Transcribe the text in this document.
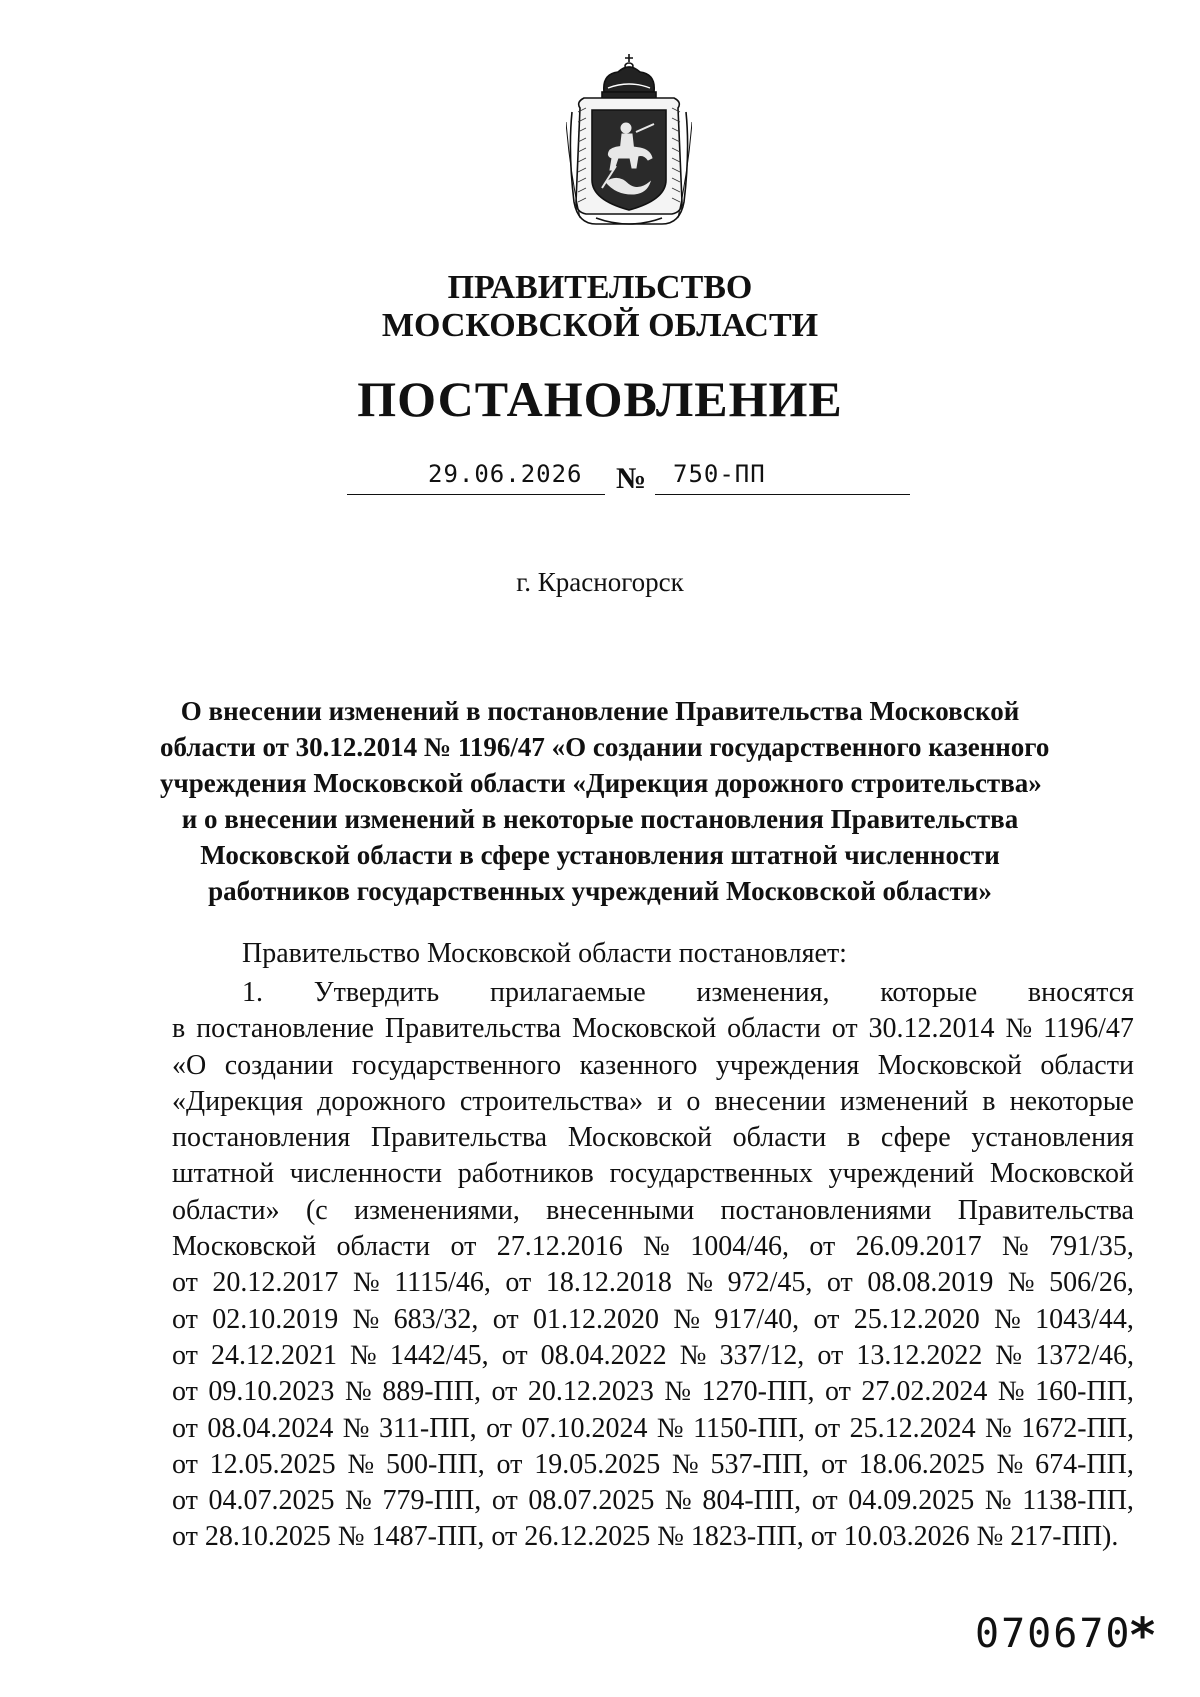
ПРАВИТЕЛЬСТВО
МОСКОВСКОЙ ОБЛАСТИ
ПОСТАНОВЛЕНИЕ
29.06.2026 № 750-ПП
г. Красногорск
О внесении изменений в постановление Правительства Московской
области от 30.12.2014 № 1196/47 «О создании государственного казенного
учреждения Московской области «Дирекция дорожного строительства»
и о внесении изменений в некоторые постановления Правительства
Московской области в сфере установления штатной численности
работников государственных учреждений Московской области»
Правительство Московской области постановляет:
1. Утвердить прилагаемые изменения, которые вносятся
в постановление Правительства Московской области от 30.12.2014 № 1196/47
«О создании государственного казенного учреждения Московской области
«Дирекция дорожного строительства» и о внесении изменений в некоторые
постановления Правительства Московской области в сфере установления
штатной численности работников государственных учреждений Московской
области» (с изменениями, внесенными постановлениями Правительства
Московской области от 27.12.2016 № 1004/46, от 26.09.2017 № 791/35,
от 20.12.2017 № 1115/46, от 18.12.2018 № 972/45, от 08.08.2019 № 506/26,
от 02.10.2019 № 683/32, от 01.12.2020 № 917/40, от 25.12.2020 № 1043/44,
от 24.12.2021 № 1442/45, от 08.04.2022 № 337/12, от 13.12.2022 № 1372/46,
от 09.10.2023 № 889-ПП, от 20.12.2023 № 1270-ПП, от 27.02.2024 № 160-ПП,
от 08.04.2024 № 311-ПП, от 07.10.2024 № 1150-ПП, от 25.12.2024 № 1672-ПП,
от 12.05.2025 № 500-ПП, от 19.05.2025 № 537-ПП, от 18.06.2025 № 674-ПП,
от 04.07.2025 № 779-ПП, от 08.07.2025 № 804-ПП, от 04.09.2025 № 1138-ПП,
от 28.10.2025 № 1487-ПП, от 26.12.2025 № 1823-ПП, от 10.03.2026 № 217-ПП).
070670
*
